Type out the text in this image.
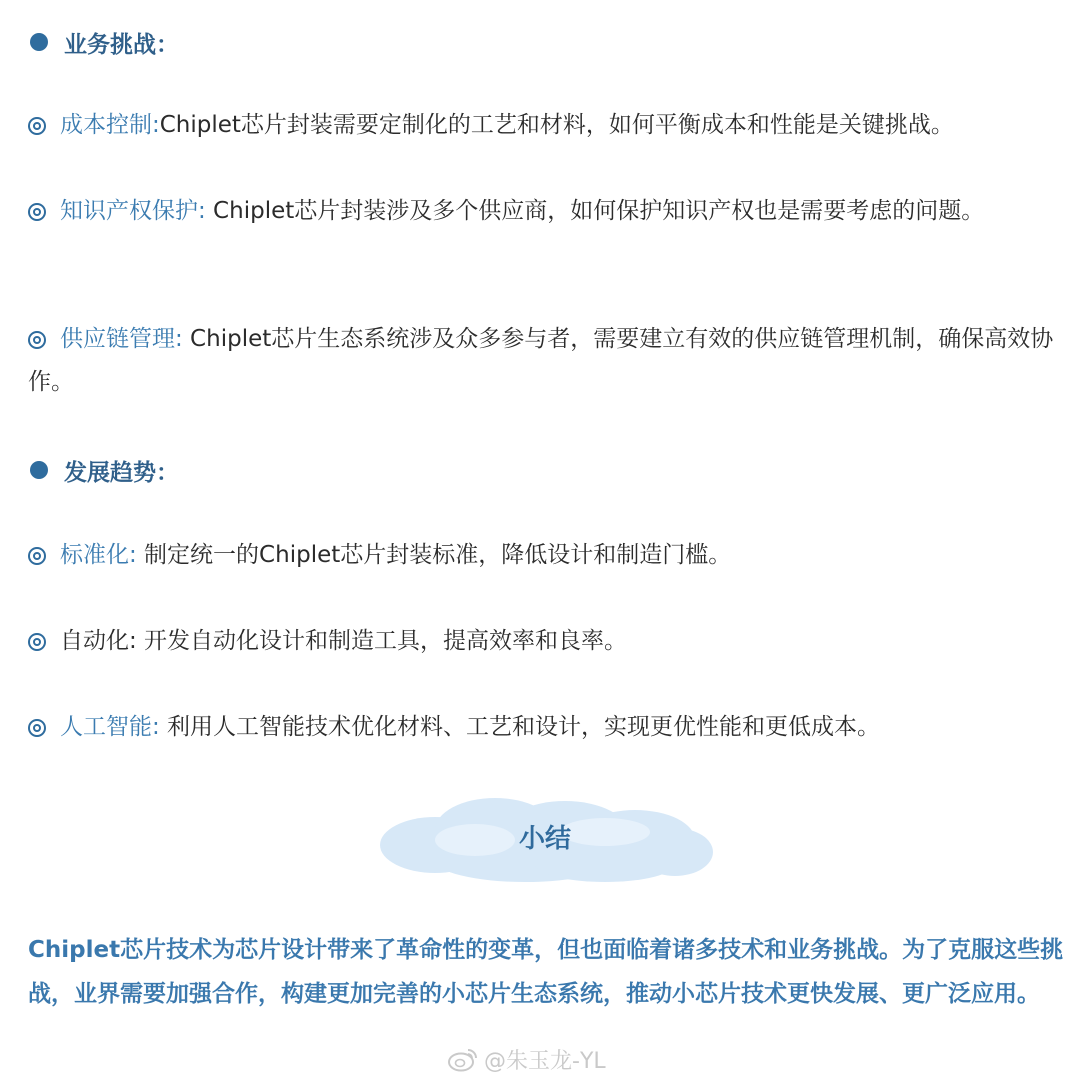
业务挑战：
成本控制:Chiplet芯片封装需要定制化的工艺和材料，如何平衡成本和性能是关键挑战。
知识产权保护: Chiplet芯片封装涉及多个供应商，如何保护知识产权也是需要考虑的问题。
供应链管理: Chiplet芯片生态系统涉及众多参与者，需要建立有效的供应链管理机制，确保高效协作。
发展趋势：
标准化: 制定统一的Chiplet芯片封装标准，降低设计和制造门槛。
自动化: 开发自动化设计和制造工具，提高效率和良率。
人工智能: 利用人工智能技术优化材料、工艺和设计，实现更优性能和更低成本。
小结
Chiplet芯片技术为芯片设计带来了革命性的变革，但也面临着诸多技术和业务挑战。为了克服这些挑战，业界需要加强合作，构建更加完善的小芯片生态系统，推动小芯片技术更快发展、更广泛应用。
@朱玉龙-YL
